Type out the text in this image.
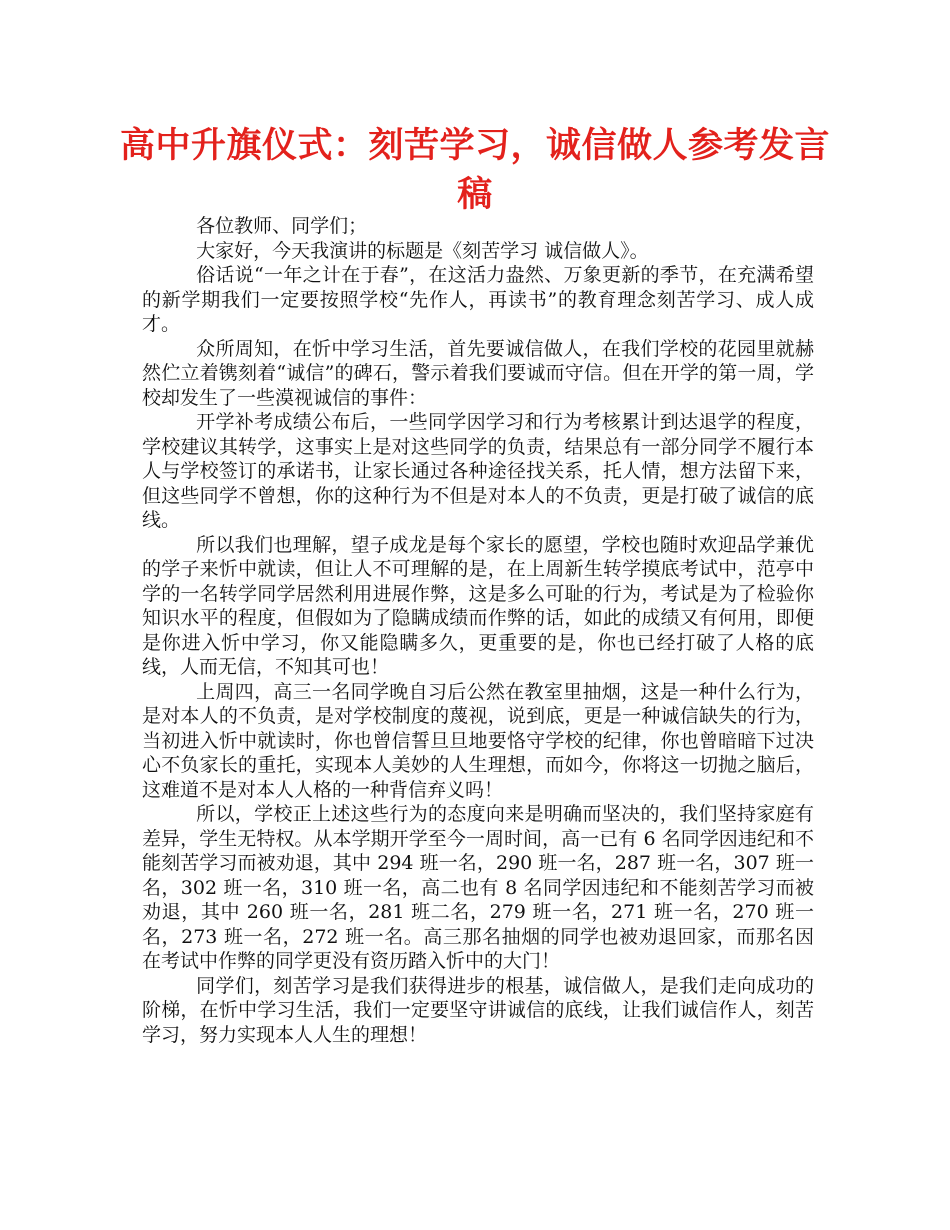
高中升旗仪式：刻苦学习，诚信做人参考发言稿

各位教师、同学们；

大家好，今天我演讲的标题是《刻苦学习 诚信做人》。

俗话说“一年之计在于春”，在这活力盎然、万象更新的季节，在充满希望的新学期我们一定要按照学校“先作人，再读书”的教育理念刻苦学习、成人成才。

众所周知，在忻中学习生活，首先要诚信做人，在我们学校的花园里就赫然伫立着镌刻着“诚信”的碑石，警示着我们要诚而守信。但在开学的第一周，学校却发生了一些漠视诚信的事件：

开学补考成绩公布后，一些同学因学习和行为考核累计到达退学的程度，学校建议其转学，这事实上是对这些同学的负责，结果总有一部分同学不履行本人与学校签订的承诺书，让家长通过各种途径找关系，托人情，想方法留下来，但这些同学不曾想，你的这种行为不但是对本人的不负责，更是打破了诚信的底线。

所以我们也理解，望子成龙是每个家长的愿望，学校也随时欢迎品学兼优的学子来忻中就读，但让人不可理解的是，在上周新生转学摸底考试中，范亭中学的一名转学同学居然利用进展作弊，这是多么可耻的行为，考试是为了检验你知识水平的程度，但假如为了隐瞒成绩而作弊的话，如此的成绩又有何用，即便是你进入忻中学习，你又能隐瞒多久，更重要的是，你也已经打破了人格的底线，人而无信，不知其可也！

上周四，高三一名同学晚自习后公然在教室里抽烟，这是一种什么行为，是对本人的不负责，是对学校制度的蔑视，说到底，更是一种诚信缺失的行为，当初进入忻中就读时，你也曾信誓旦旦地要恪守学校的纪律，你也曾暗暗下过决心不负家长的重托，实现本人美妙的人生理想，而如今，你将这一切抛之脑后，这难道不是对本人人格的一种背信弃义吗！

所以，学校正上述这些行为的态度向来是明确而坚决的，我们坚持家庭有差异，学生无特权。从本学期开学至今一周时间，高一已有 6 名同学因违纪和不能刻苦学习而被劝退，其中 294 班一名，290 班一名，287 班一名，307 班一名，302 班一名，310 班一名，高二也有 8 名同学因违纪和不能刻苦学习而被劝退，其中 260 班一名，281 班二名，279 班一名，271 班一名，270 班一名，273 班一名，272 班一名。高三那名抽烟的同学也被劝退回家，而那名因在考试中作弊的同学更没有资历踏入忻中的大门！

同学们，刻苦学习是我们获得进步的根基，诚信做人，是我们走向成功的阶梯，在忻中学习生活，我们一定要坚守讲诚信的底线，让我们诚信作人，刻苦学习，努力实现本人人生的理想！
